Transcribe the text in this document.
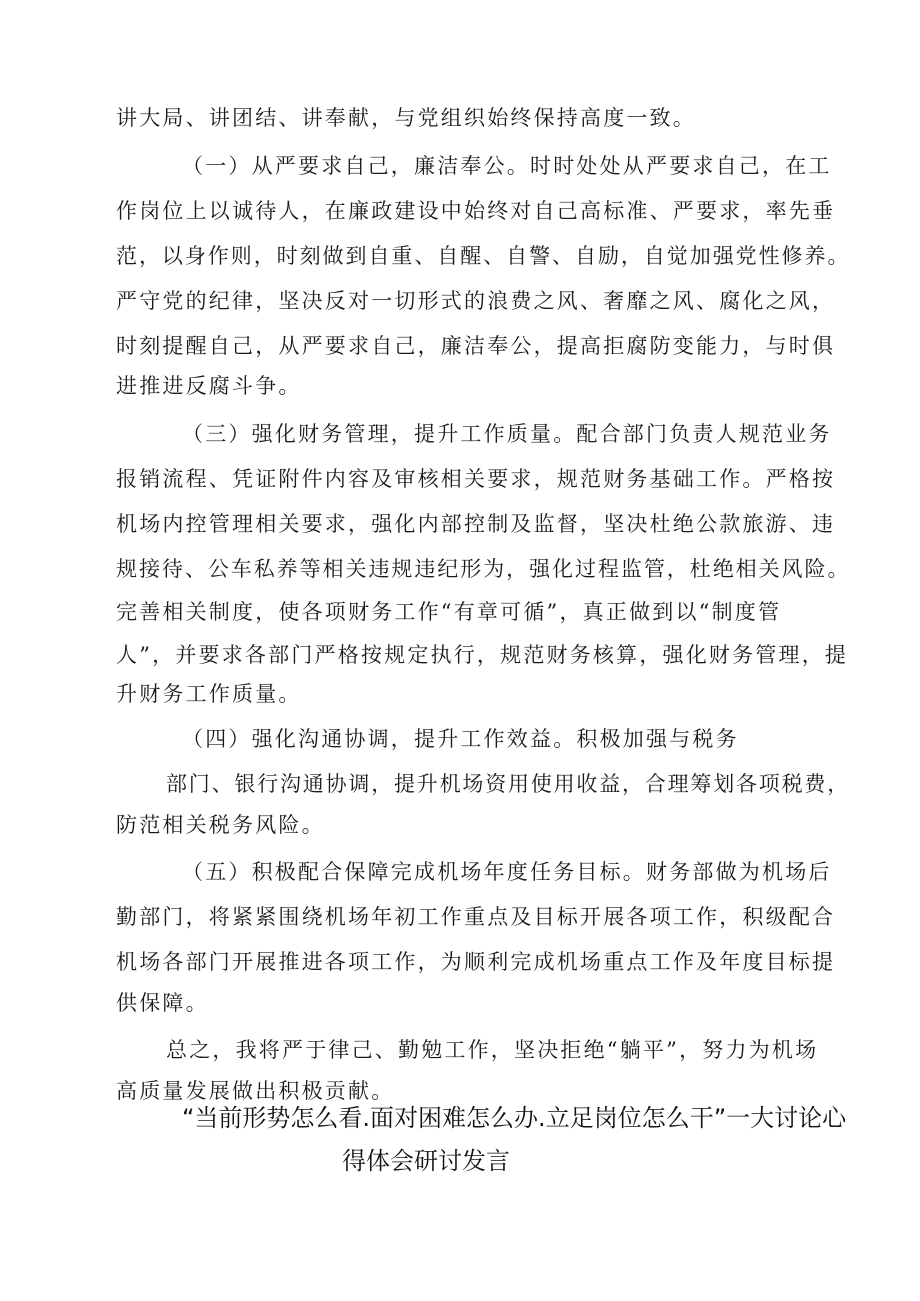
讲大局、讲团结、讲奉献，与党组织始终保持高度一致。
（一）从严要求自己，廉洁奉公。时时处处从严要求自己，在工
作岗位上以诚待人，在廉政建设中始终对自己高标准、严要求，率先垂
范，以身作则，时刻做到自重、自醒、自警、自励，自觉加强党性修养。
严守党的纪律，坚决反对一切形式的浪费之风、奢靡之风、腐化之风，
时刻提醒自己，从严要求自己，廉洁奉公，提高拒腐防变能力，与时俱
进推进反腐斗争。
（三）强化财务管理，提升工作质量。配合部门负责人规范业务
报销流程、凭证附件内容及审核相关要求，规范财务基础工作。严格按
机场内控管理相关要求，强化内部控制及监督，坚决杜绝公款旅游、违
规接待、公车私养等相关违规违纪形为，强化过程监管，杜绝相关风险。
完善相关制度，使各项财务工作“有章可循”，真正做到以“制度管
人”，并要求各部门严格按规定执行，规范财务核算，强化财务管理，提
升财务工作质量。
（四）强化沟通协调，提升工作效益。积极加强与税务
部门、银行沟通协调，提升机场资用使用收益，合理筹划各项税费，
防范相关税务风险。
（五）积极配合保障完成机场年度任务目标。财务部做为机场后
勤部门，将紧紧围绕机场年初工作重点及目标开展各项工作，积级配合
机场各部门开展推进各项工作，为顺利完成机场重点工作及年度目标提
供保障。
总之，我将严于律己、勤勉工作，坚决拒绝“躺平”，努力为机场
高质量发展做出积极贡献。
“当前形势怎么看.面对困难怎么办.立足岗位怎么干”一大讨论心
得体会研讨发言
